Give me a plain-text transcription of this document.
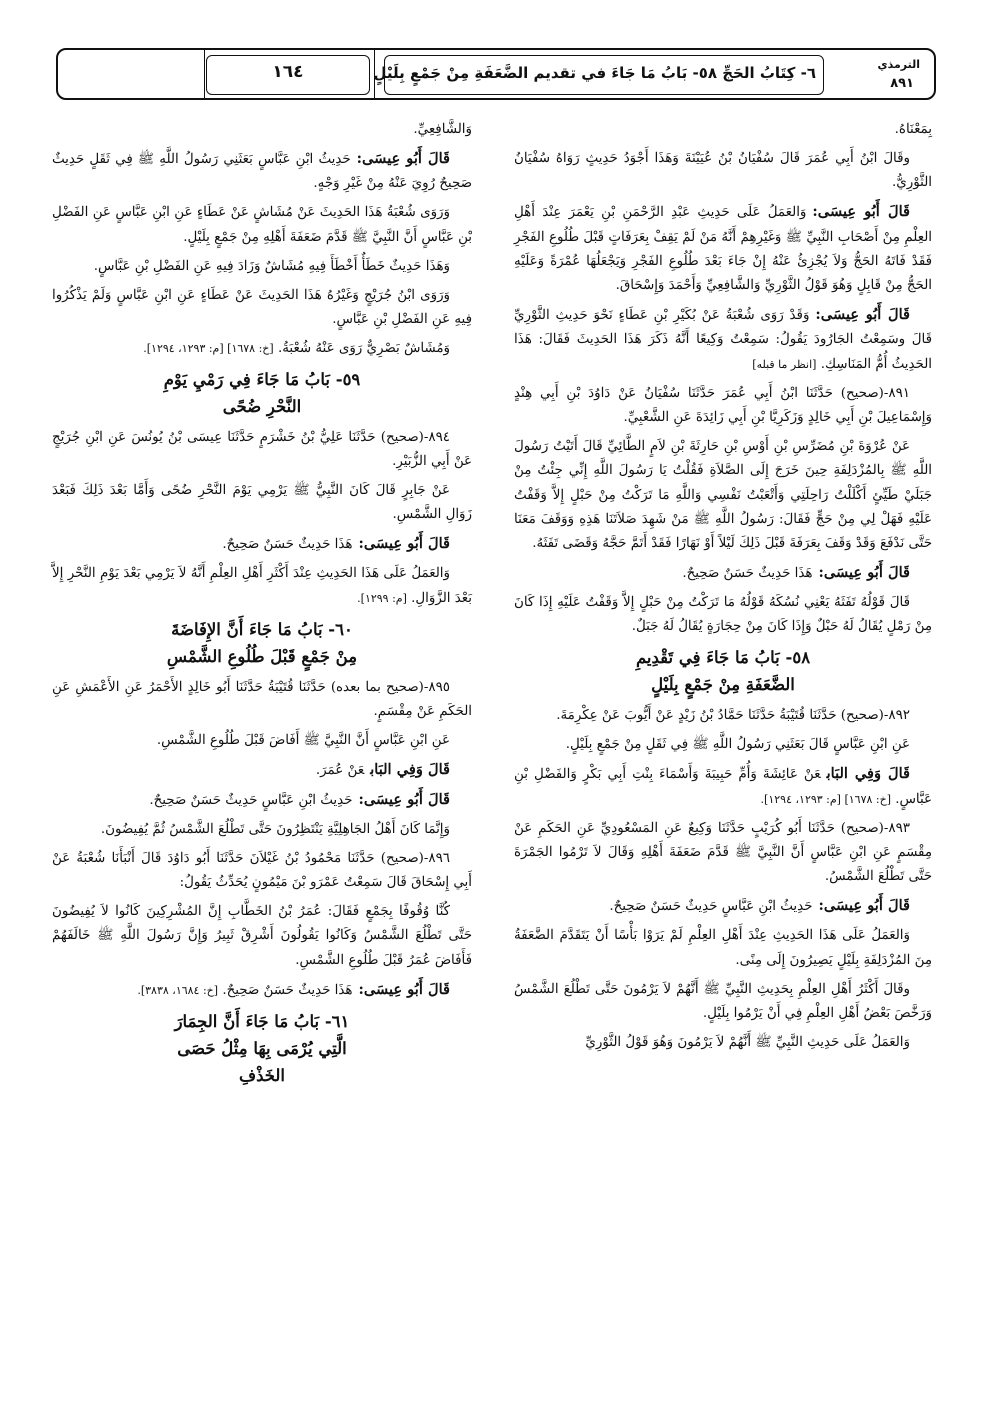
الترمذي
٨٩١
٦- كِتَابُ الحَجِّ ٥٨- بَابُ مَا جَاءَ في تقديم الضَّعَفَةِ مِنْ جَمْعٍ بِلَيْلٍ
١٦٤

بِمَعْنَاهُ.

وقَالَ ابْنُ أَبِي عُمَرَ قَالَ سُفْيَانُ بْنُ عُيَيْنَةَ وَهَذَا أَجْوَدُ حَدِيثٍ رَوَاهُ سُفْيَانُ الثَّوْرِيُّ.

قَالَ أَبُو عِيسَى:وَالعَمَلُ عَلَى حَدِيثِ عَبْدِ الرَّحْمَنِ بْنِ يَعْمَرَ عِنْدَ أَهْلِ العِلْمِ مِنْ أَصْحَابِ النَّبِيِّ ﷺ وَغَيْرِهِمْ أَنَّهُ مَنْ لَمْ يَقِفْ بِعَرَفَاتٍ قَبْلَ طُلُوعِ الفَجْرِ فَقَدْ فَاتَهُ الحَجُّ وَلاَ يُجْزِئُ عَنْهُ إِنْ جَاءَ بَعْدَ طُلُوعِ الفَجْرِ وَيَجْعَلُهَا عُمْرَةً وَعَلَيْهِ الحَجُّ مِنْ قَابِلٍ وَهُوَ قَوْلُ الثَّوْرِيِّ وَالشَّافِعِيِّ وَأَحْمَدَ وَإِسْحَاقَ.

قَالَ أَبُو عِيسَى:وَقَدْ رَوَى شُعْبَةُ عَنْ بُكَيْرِ بْنِ عَطَاءٍ نَحْوَ حَدِيثِ الثَّوْرِيِّ قَالَ وسَمِعْتُ الجَارُودَ يَقُولُ: سَمِعْتُ وَكِيعًا أَنَّهُ ذَكَرَ هَذَا الحَدِيثَ فَقَالَ: هَذَا الحَدِيثُ أُمُّ المَنَاسِكِ. [انظر ما قبله]

٨٩١-(صحيح) حَدَّثَنَا ابْنُ أَبِي عُمَرَ حَدَّثَنَا سُفْيَانُ عَنْ دَاوُدَ بْنِ أَبِي هِنْدٍ وَإِسْمَاعِيلَ بْنِ أَبِي خَالِدٍ وَزَكَرِيَّا بْنِ أَبِي زَائِدَةَ عَنِ الشَّعْبِيِّ.

عَنْ عُرْوَةَ بْنِ مُضَرِّسِ بْنِ أَوْسِ بْنِ حَارِثَةَ بْنِ لاَمٍ الطَّائِيِّ قَالَ أَتَيْتُ رَسُولَ اللَّهِ ﷺ بِالمُزْدَلِفَةِ حِينَ خَرَجَ إِلَى الصَّلاَةِ فَقُلْتُ يَا رَسُولَ اللَّهِ إِنِّي جِئْتُ مِنْ جَبَلَيْ طَيِّئٍ أَكْلَلْتُ رَاحِلَتِي وَأَتْعَبْتُ نَفْسِي وَاللَّهِ مَا تَرَكْتُ مِنْ حَبْلٍ إِلاَّ وَقَفْتُ عَلَيْهِ فَهَلْ لِي مِنْ حَجٍّ فَقَالَ: رَسُولُ اللَّهِ ﷺ مَنْ شَهِدَ صَلاَتَنَا هَذِهِ وَوَقَفَ مَعَنَا حَتَّى نَدْفَعَ وَقَدْ وَقَفَ بِعَرَفَةَ قَبْلَ ذَلِكَ لَيْلاً أَوْ نَهَارًا فَقَدْ أَتَمَّ حَجَّهُ وَقَضَى تَفَثَهُ.

قَالَ أَبُو عِيسَى:هَذَا حَدِيثٌ حَسَنٌ صَحِيحٌ.

قَالَ قَوْلُهُ تَفَثَهُ يَعْنِي نُسُكَهُ قَوْلُهُ مَا تَرَكْتُ مِنْ حَبْلٍ إِلاَّ وَقَفْتُ عَلَيْهِ إِذَا كَانَ مِنْ رَمْلٍ يُقَالُ لَهُ حَبْلٌ وَإِذَا كَانَ مِنْ حِجَارَةٍ يُقَالُ لَهُ جَبَلٌ.

٥٨- بَابُ مَا جَاءَ فِي تَقْدِيمِ
الضَّعَفَةِ مِنْ جَمْعٍ بِلَيْلٍ

٨٩٢-(صحيح) حَدَّثَنَا قُتَيْبَةُ حَدَّثَنَا حَمَّادُ بْنُ زَيْدٍ عَنْ أَيُّوبَ عَنْ عِكْرِمَةَ.

عَنِ ابْنِ عَبَّاسٍ قَالَ بَعَثَنِي رَسُولُ اللَّهِ ﷺ فِي ثَقَلٍ مِنْ جَمْعٍ بِلَيْلٍ.

قَالَ وَفِي البَابعَنْ عَائِشَةَ وَأُمِّ حَبِيبَةَ وَأَسْمَاءَ بِنْتِ أَبِي بَكْرٍ وَالفَضْلِ بْنِ عَبَّاسٍ. [خ: ١٦٧٨] [م: ١٢٩٣، ١٢٩٤].

٨٩٣-(صحيح) حَدَّثَنَا أَبُو كُرَيْبٍ حَدَّثَنَا وَكِيعٌ عَنِ المَسْعُودِيِّ عَنِ الحَكَمِ عَنْ مِقْسَمٍ عَنِ ابْنِ عَبَّاسٍ أَنَّ النَّبِيَّ ﷺ قَدَّمَ ضَعَفَةَ أَهْلِهِ وَقَالَ لاَ تَرْمُوا الجَمْرَةَ حَتَّى تَطْلُعَ الشَّمْسُ.

قَالَ أَبُو عِيسَى:حَدِيثُ ابْنِ عَبَّاسٍ حَدِيثٌ حَسَنٌ صَحِيحٌ.

وَالعَمَلُ عَلَى هَذَا الحَدِيثِ عِنْدَ أَهْلِ العِلْمِ لَمْ يَرَوْا بَأْسًا أَنْ يَتَقَدَّمَ الضَّعَفَةُ مِنَ المُزْدَلِفَةِ بِلَيْلٍ يَصِيرُونَ إِلَى مِنًى.

وقَالَ أَكْثَرُ أَهْلِ العِلْمِ بِحَدِيثِ النَّبِيِّ ﷺ أَنَّهُمْ لاَ يَرْمُونَ حَتَّى تَطْلُعَ الشَّمْسُ وَرَخَّصَ بَعْضُ أَهْلِ العِلْمِ فِي أَنْ يَرْمُوا بِلَيْلٍ.

وَالعَمَلُ عَلَى حَدِيثِ النَّبِيِّ ﷺ أَنَّهُمْ لاَ يَرْمُونَ وَهُوَ قَوْلُ الثَّوْرِيِّ

وَالشَّافِعِيِّ.

قَالَ أَبُو عِيسَى:حَدِيثُ ابْنِ عَبَّاسٍ بَعَثَنِي رَسُولُ اللَّهِ ﷺ فِي ثَقَلٍ حَدِيثٌ صَحِيحٌ رُوِيَ عَنْهُ مِنْ غَيْرِ وَجْهٍ.

وَرَوَى شُعْبَةُ هَذَا الحَدِيثَ عَنْ مُشَاشٍ عَنْ عَطَاءٍ عَنِ ابْنِ عَبَّاسٍ عَنِ الفَضْلِ بْنِ عَبَّاسٍ أَنَّ النَّبِيَّ ﷺ قَدَّمَ ضَعَفَةَ أَهْلِهِ مِنْ جَمْعٍ بِلَيْلٍ.

وَهَذَا حَدِيثٌ خَطَأٌ أَخْطَأَ فِيهِ مُشَاشٌ وَزَادَ فِيهِ عَنِ الفَضْلِ بْنِ عَبَّاسٍ.

وَرَوَى ابْنُ جُرَيْجٍ وَغَيْرُهُ هَذَا الحَدِيثَ عَنْ عَطَاءٍ عَنِ ابْنِ عَبَّاسٍ وَلَمْ يَذْكُرُوا فِيهِ عَنِ الفَضْلِ بْنِ عَبَّاسٍ.

وَمُشَاشٌ بَصْرِيٌّ رَوَى عَنْهُ شُعْبَةُ. [خ: ١٦٧٨] [م: ١٢٩٣، ١٢٩٤].

٥٩- بَابُ مَا جَاءَ فِي رَمْيِ يَوْمِ
النَّحْرِ ضُحًى

٨٩٤-(صحيح) حَدَّثَنَا عَلِيُّ بْنُ خَشْرَمٍ حَدَّثَنَا عِيسَى بْنُ يُونُسَ عَنِ ابْنِ جُرَيْجٍ عَنْ أَبِي الزُّبَيْرِ.

عَنْ جَابِرٍ قَالَ كَانَ النَّبِيُّ ﷺ يَرْمِي يَوْمَ النَّحْرِ ضُحًى وَأَمَّا بَعْدَ ذَلِكَ فَبَعْدَ زَوَالِ الشَّمْسِ.

قَالَ أَبُو عِيسَى:هَذَا حَدِيثٌ حَسَنٌ صَحِيحٌ.

وَالعَمَلُ عَلَى هَذَا الحَدِيثِ عِنْدَ أَكْثَرِ أَهْلِ العِلْمِ أَنَّهُ لاَ يَرْمِي بَعْدَ يَوْمِ النَّحْرِ إِلاَّ بَعْدَ الزَّوَالِ. [م: ١٢٩٩].

٦٠- بَابُ مَا جَاءَ أَنَّ الإِفَاضَةَ
مِنْ جَمْعٍ قَبْلَ طُلُوعِ الشَّمْسِ

٨٩٥-(صحيح بما بعده) حَدَّثَنَا قُتَيْبَةُ حَدَّثَنَا أَبُو خَالِدٍ الأَحْمَرُ عَنِ الأَعْمَشِ عَنِ الحَكَمِ عَنْ مِقْسَمٍ.

عَنِ ابْنِ عَبَّاسٍ أَنَّ النَّبِيَّ ﷺ أَفَاضَ قَبْلَ طُلُوعِ الشَّمْسِ.

قَالَ وَفِي البَابعَنْ عُمَرَ.

قَالَ أَبُو عِيسَى:حَدِيثُ ابْنِ عَبَّاسٍ حَدِيثٌ حَسَنٌ صَحِيحٌ.

وَإِنَّمَا كَانَ أَهْلُ الجَاهِلِيَّةِ يَنْتَظِرُونَ حَتَّى تَطْلُعَ الشَّمْسُ ثُمَّ يُفِيضُونَ.

٨٩٦-(صحيح) حَدَّثَنَا مَحْمُودُ بْنُ غَيْلاَنَ حَدَّثَنَا أَبُو دَاوُدَ قَالَ أَنْبَأَنَا شُعْبَةُ عَنْ أَبِي إِسْحَاقَ قَالَ سَمِعْتُ عَمْرَو بْنَ مَيْمُونٍ يُحَدِّثُ يَقُولُ:

كُنَّا وُقُوفًا بِجَمْعٍ فَقَالَ: عُمَرُ بْنُ الخَطَّابِ إِنَّ المُشْرِكِينَ كَانُوا لاَ يُفِيضُونَ حَتَّى تَطْلُعَ الشَّمْسُ وَكَانُوا يَقُولُونَ أَشْرِقْ ثَبِيرُ وَإِنَّ رَسُولَ اللَّهِ ﷺ خَالَفَهُمْ فَأَفَاضَ عُمَرُ قَبْلَ طُلُوعِ الشَّمْسِ.

قَالَ أَبُو عِيسَى:هَذَا حَدِيثٌ حَسَنٌ صَحِيحٌ. [خ: ١٦٨٤، ٣٨٣٨].

٦١- بَابُ مَا جَاءَ أَنَّ الجِمَارَ
الَّتِي يُرْمَى بِهَا مِثْلُ حَصَى
الخَذْفِ
